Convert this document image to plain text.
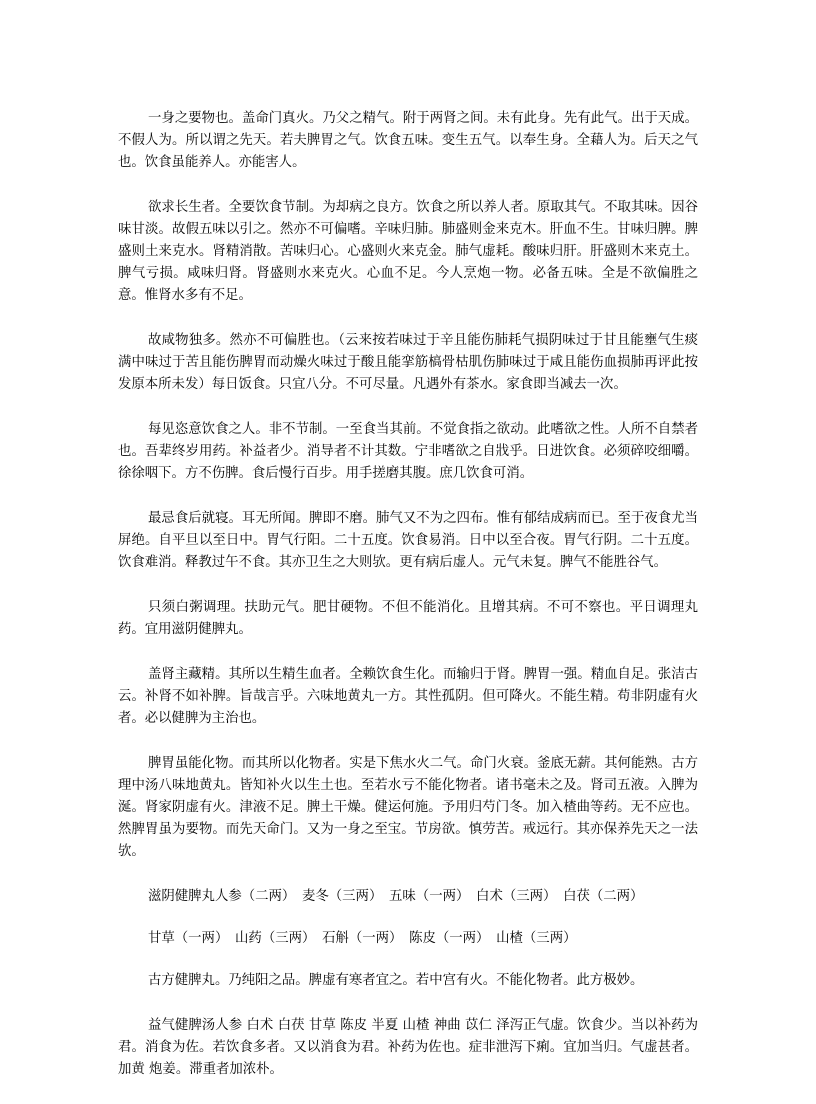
一身之要物也。盖命门真火。乃父之精气。附于两肾之间。未有此身。先有此气。出于天成。不假人为。所以谓之先天。若夫脾胃之气。饮食五味。变生五气。以奉生身。全藉人为。后天之气也。饮食虽能养人。亦能害人。

欲求长生者。全要饮食节制。为却病之良方。饮食之所以养人者。原取其气。不取其味。因谷味甘淡。故假五味以引之。然亦不可偏嗜。辛味归肺。肺盛则金来克木。肝血不生。甘味归脾。脾盛则土来克水。肾精消散。苦味归心。心盛则火来克金。肺气虚耗。酸味归肝。肝盛则木来克土。脾气亏损。咸味归肾。肾盛则水来克火。心血不足。今人烹炮一物。必备五味。全是不欲偏胜之意。惟肾水多有不足。

故咸物独多。然亦不可偏胜也。（云来按若味过于辛且能伤肺耗气损阴味过于甘且能壅气生痰满中味过于苦且能伤脾胃而动燥火味过于酸且能挛筋槁骨枯肌伤肺味过于咸且能伤血损肺再评此按发原本所未发）每日饭食。只宜八分。不可尽量。凡遇外有茶水。家食即当减去一次。

每见恣意饮食之人。非不节制。一至食当其前。不觉食指之欲动。此嗜欲之性。人所不自禁者也。吾辈终岁用药。补益者少。消导者不计其数。宁非嗜欲之自戕乎。日进饮食。必须碎咬细嚼。徐徐咽下。方不伤脾。食后慢行百步。用手搓磨其腹。庶几饮食可消。

最忌食后就寝。耳无所闻。脾即不磨。肺气又不为之四布。惟有郁结成病而已。至于夜食尤当屏绝。自平旦以至日中。胃气行阳。二十五度。饮食易消。日中以至合夜。胃气行阴。二十五度。饮食难消。释教过午不食。其亦卫生之大则欤。更有病后虚人。元气未复。脾气不能胜谷气。

只须白粥调理。扶助元气。肥甘硬物。不但不能消化。且增其病。不可不察也。平日调理丸药。宜用滋阴健脾丸。

盖肾主藏精。其所以生精生血者。全赖饮食生化。而输归于肾。脾胃一强。精血自足。张洁古云。补肾不如补脾。旨哉言乎。六味地黄丸一方。其性孤阴。但可降火。不能生精。苟非阴虚有火者。必以健脾为主治也。

脾胃虽能化物。而其所以化物者。实是下焦水火二气。命门火衰。釜底无薪。其何能熟。古方理中汤八味地黄丸。皆知补火以生土也。至若水亏不能化物者。诸书毫未之及。肾司五液。入脾为涎。肾家阴虚有火。津液不足。脾土干燥。健运何施。予用归芍门冬。加入楂曲等药。无不应也。然脾胃虽为要物。而先天命门。又为一身之至宝。节房欲。慎劳苦。戒远行。其亦保养先天之一法欤。

滋阴健脾丸人参（二两）　麦冬（三两）　五味（一两）　白术（三两）　白茯（二两）

甘草（一两）　山药（三两）　石斛（一两）　陈皮（一两）　山楂（三两）

古方健脾丸。乃纯阳之品。脾虚有寒者宜之。若中宫有火。不能化物者。此方极妙。

益气健脾汤人参 白术 白茯 甘草 陈皮 半夏 山楂 神曲 苡仁 泽泻正气虚。饮食少。当以补药为君。消食为佐。若饮食多者。又以消食为君。补药为佐也。症非泄泻下痢。宜加当归。气虚甚者。加黄 炮姜。滞重者加浓朴。
